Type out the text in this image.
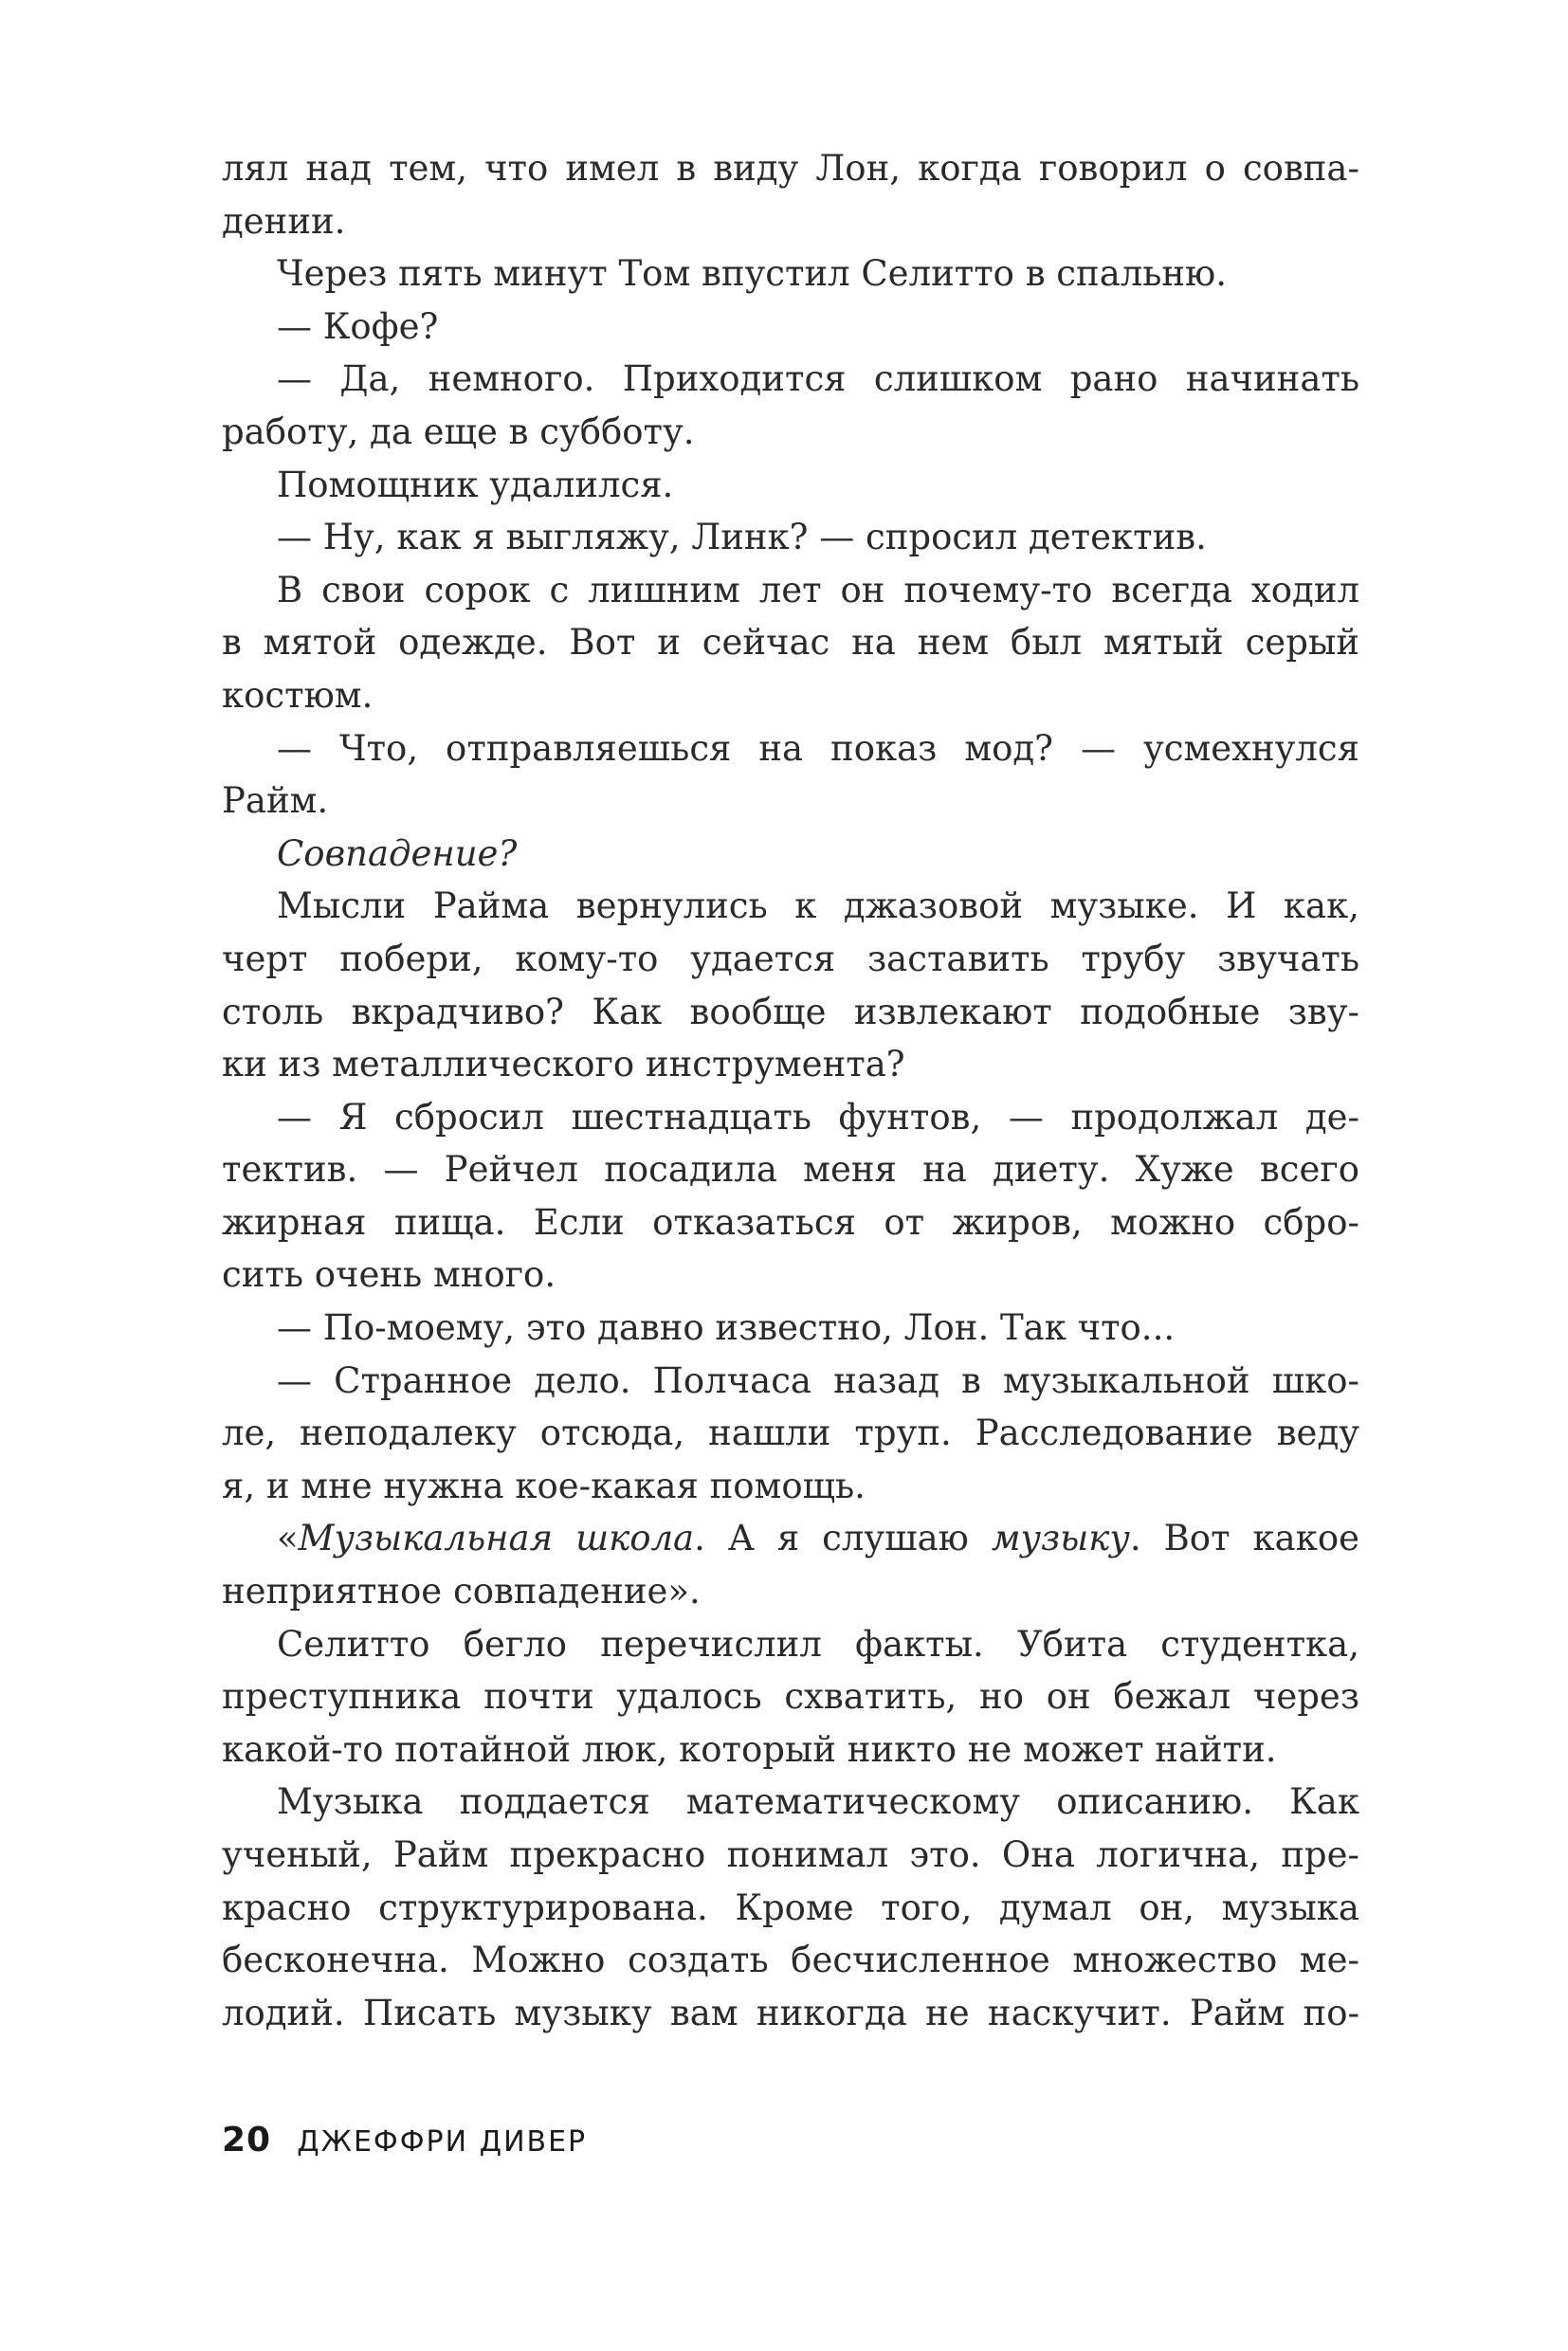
лял над тем, что имел в виду Лон, когда говорил о совпа-
дении.
Через пять минут Том впустил Селитто в спальню.
— Кофе?
— Да, немного. Приходится слишком рано начинать
работу, да еще в субботу.
Помощник удалился.
— Ну, как я выгляжу, Линк? — спросил детектив.
В свои сорок с лишним лет он почему-то всегда ходил
в мятой одежде. Вот и сейчас на нем был мятый серый
костюм.
— Что, отправляешься на показ мод? — усмехнулся
Райм.
Совпадение?
Мысли Райма вернулись к джазовой музыке. И как,
черт побери, кому-то удается заставить трубу звучать
столь вкрадчиво? Как вообще извлекают подобные зву-
ки из металлического инструмента?
— Я сбросил шестнадцать фунтов, — продолжал де-
тектив. — Рейчел посадила меня на диету. Хуже всего
жирная пища. Если отказаться от жиров, можно сбро-
сить очень много.
— По-моему, это давно известно, Лон. Так что...
— Странное дело. Полчаса назад в музыкальной шко-
ле, неподалеку отсюда, нашли труп. Расследование веду
я, и мне нужна кое-какая помощь.
«Музыкальная школа. А я слушаю музыку. Вот какое
неприятное совпадение».
Селитто бегло перечислил факты. Убита студентка,
преступника почти удалось схватить, но он бежал через
какой-то потайной люк, который никто не может найти.
Музыка поддается математическому описанию. Как
ученый, Райм прекрасно понимал это. Она логична, пре-
красно структурирована. Кроме того, думал он, музыка
бесконечна. Можно создать бесчисленное множество ме-
лодий. Писать музыку вам никогда не наскучит. Райм по-
20 ДЖЕФФРИ ДИВЕР
